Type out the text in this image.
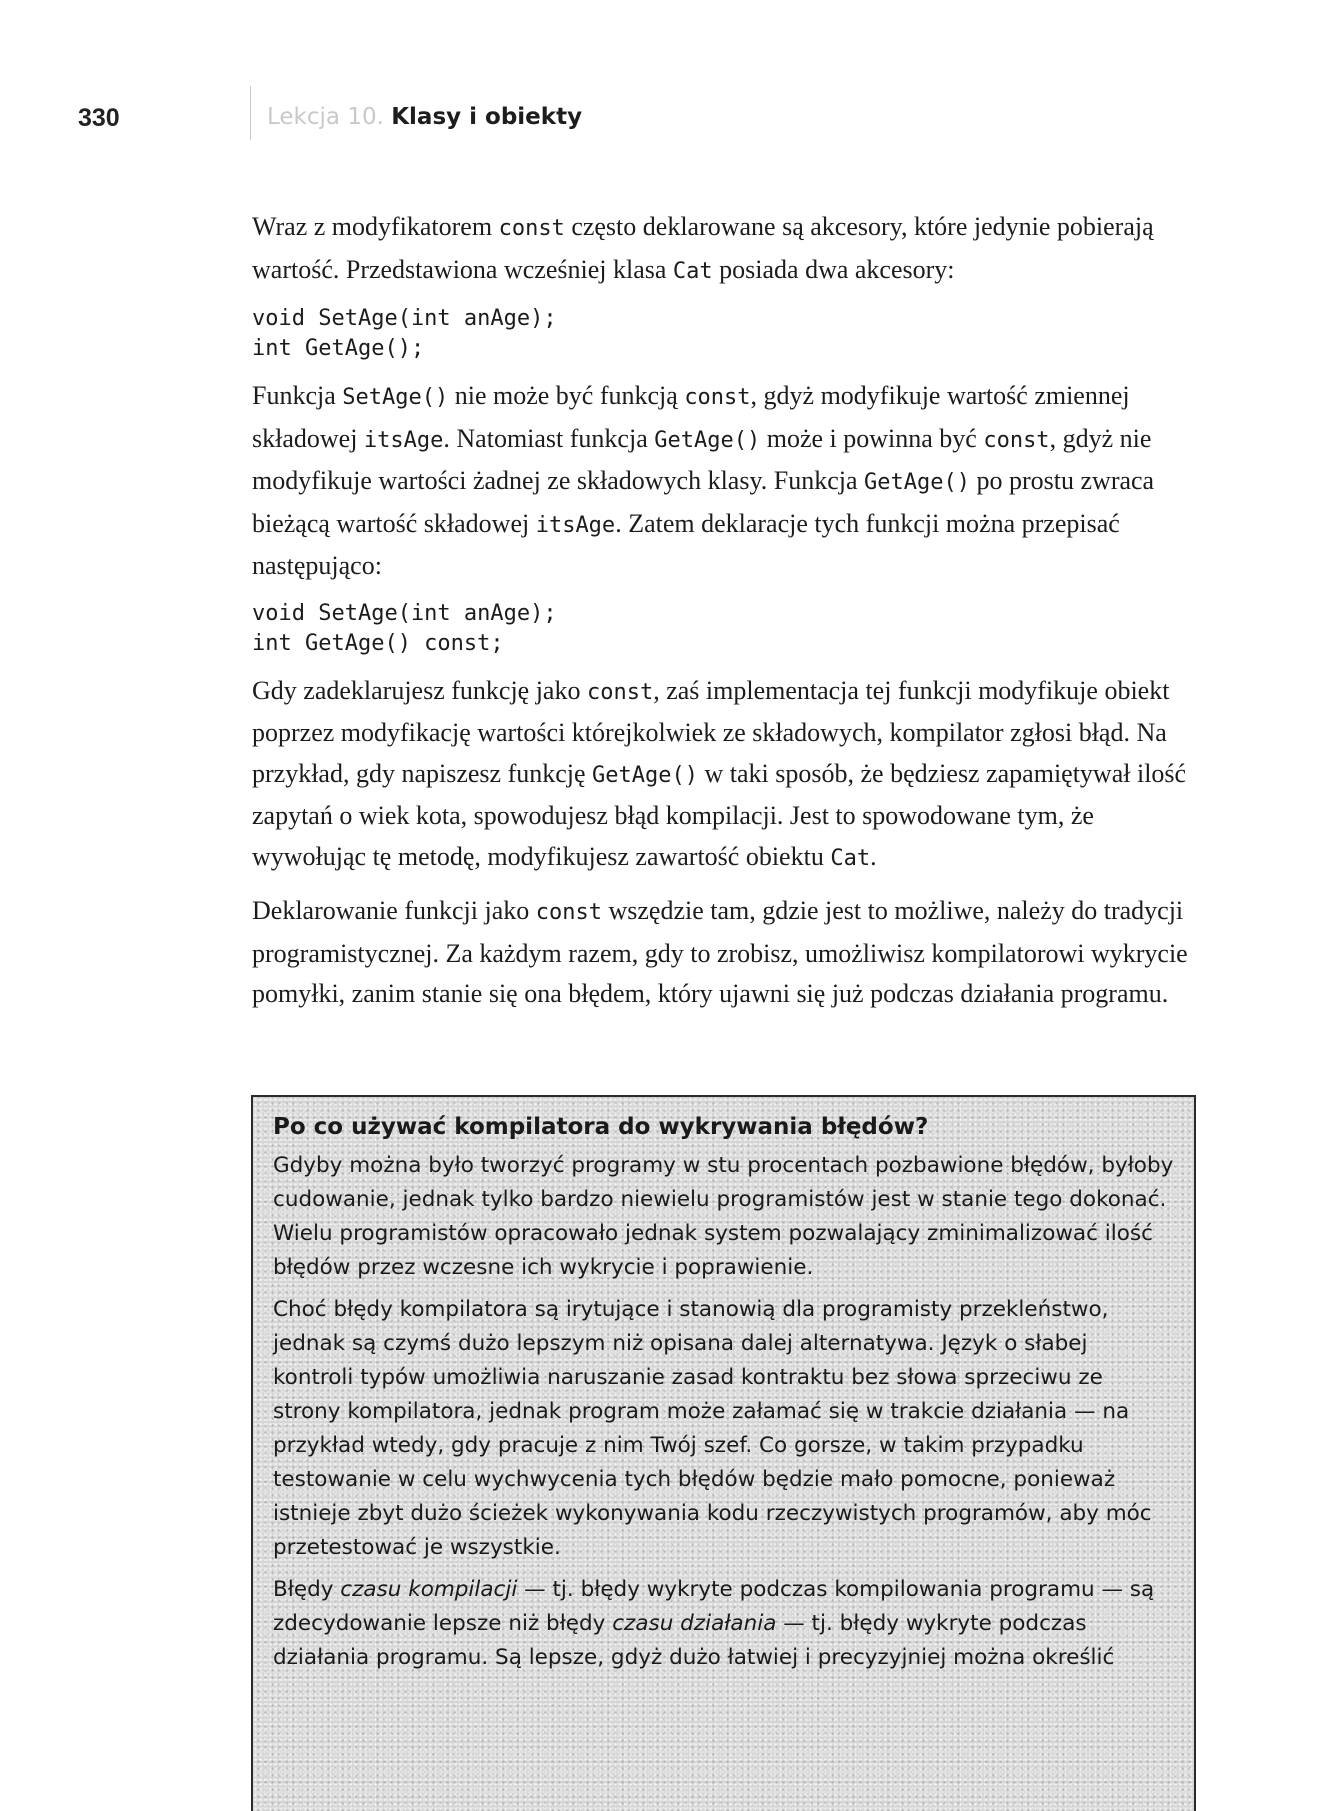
330	Lekcja 10. Klasy i obiekty

Wraz z modyfikatorem const często deklarowane są akcesory, które jedynie pobierają wartość. Przedstawiona wcześniej klasa Cat posiada dwa akcesory:

void SetAge(int anAge);
int GetAge();

Funkcja SetAge() nie może być funkcją const, gdyż modyfikuje wartość zmiennej składowej itsAge. Natomiast funkcja GetAge() może i powinna być const, gdyż nie modyfikuje wartości żadnej ze składowych klasy. Funkcja GetAge() po prostu zwraca bieżącą wartość składowej itsAge. Zatem deklaracje tych funkcji można przepisać następująco:

void SetAge(int anAge);
int GetAge() const;

Gdy zadeklarujesz funkcję jako const, zaś implementacja tej funkcji modyfikuje obiekt poprzez modyfikację wartości którejkolwiek ze składowych, kompilator zgłosi błąd. Na przykład, gdy napiszesz funkcję GetAge() w taki sposób, że będziesz zapamiętywał ilość zapytań o wiek kota, spowodujesz błąd kompilacji. Jest to spowodowane tym, że wywołując tę metodę, modyfikujesz zawartość obiektu Cat.

Deklarowanie funkcji jako const wszędzie tam, gdzie jest to możliwe, należy do tradycji programistycznej. Za każdym razem, gdy to zrobisz, umożliwisz kompilatorowi wykrycie pomyłki, zanim stanie się ona błędem, który ujawni się już podczas działania programu.

Po co używać kompilatora do wykrywania błędów?

Gdyby można było tworzyć programy w stu procentach pozbawione błędów, byłoby cudowanie, jednak tylko bardzo niewielu programistów jest w stanie tego dokonać. Wielu programistów opracowało jednak system pozwalający zminimalizować ilość błędów przez wczesne ich wykrycie i poprawienie.

Choć błędy kompilatora są irytujące i stanowią dla programisty przekleństwo, jednak są czymś dużo lepszym niż opisana dalej alternatywa. Język o słabej kontroli typów umożliwia naruszanie zasad kontraktu bez słowa sprzeciwu ze strony kompilatora, jednak program może załamać się w trakcie działania — na przykład wtedy, gdy pracuje z nim Twój szef. Co gorsze, w takim przypadku testowanie w celu wychwycenia tych błędów będzie mało pomocne, ponieważ istnieje zbyt dużo ścieżek wykonywania kodu rzeczywistych programów, aby móc przetestować je wszystkie.

Błędy czasu kompilacji — tj. błędy wykryte podczas kompilowania programu — są zdecydowanie lepsze niż błędy czasu działania — tj. błędy wykryte podczas działania programu. Są lepsze, gdyż dużo łatwiej i precyzyjniej można określić
